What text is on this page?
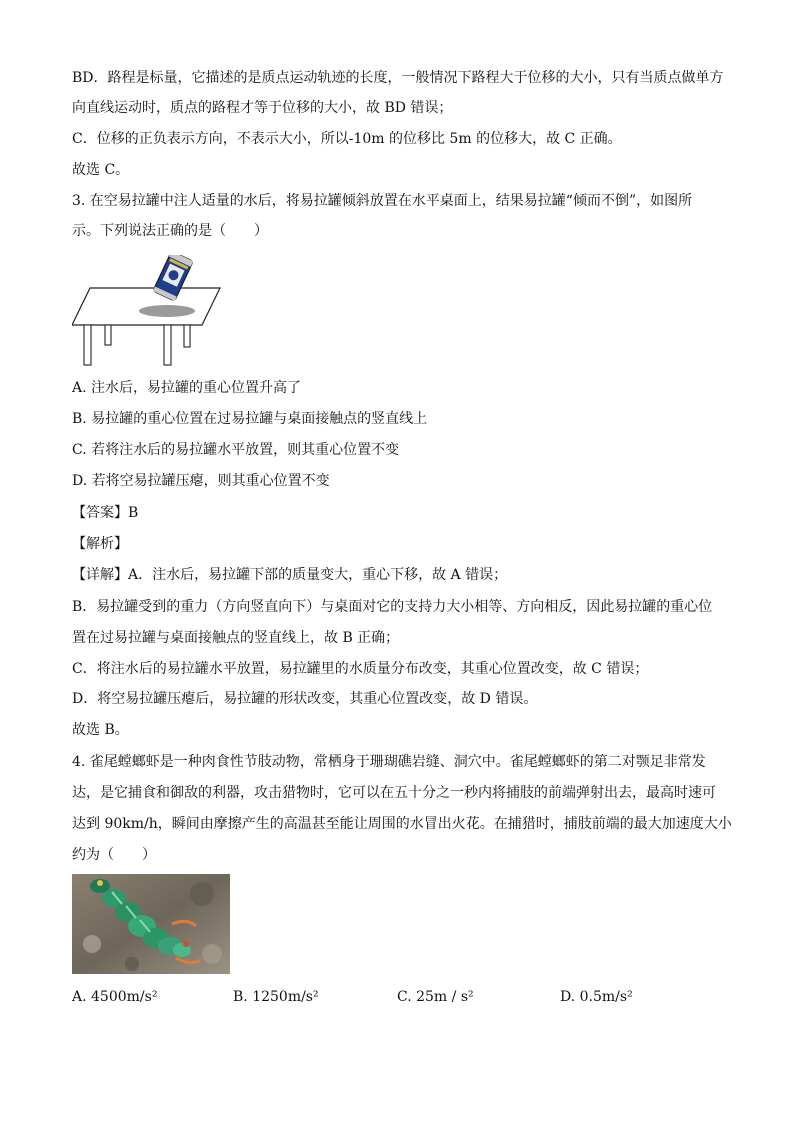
BD．路程是标量，它描述的是质点运动轨迹的长度，一般情况下路程大于位移的大小，只有当质点做单方
向直线运动时，质点的路程才等于位移的大小，故 BD 错误；
C．位移的正负表示方向，不表示大小，所以-10m 的位移比 5m 的位移大，故 C 正确。
故选 C。
3. 在空易拉罐中注人适量的水后，将易拉罐倾斜放置在水平桌面上，结果易拉罐“倾而不倒”，如图所
示。下列说法正确的是（　　）
A. 注水后，易拉罐的重心位置升高了
B. 易拉罐的重心位置在过易拉罐与桌面接触点的竖直线上
C. 若将注水后的易拉罐水平放置，则其重心位置不变
D. 若将空易拉罐压瘪，则其重心位置不变
【答案】B
【解析】
【详解】A．注水后，易拉罐下部的质量变大，重心下移，故 A 错误；
B．易拉罐受到的重力（方向竖直向下）与桌面对它的支持力大小相等、方向相反，因此易拉罐的重心位
置在过易拉罐与桌面接触点的竖直线上，故 B 正确；
C．将注水后的易拉罐水平放置，易拉罐里的水质量分布改变，其重心位置改变，故 C 错误；
D．将空易拉罐压瘪后，易拉罐的形状改变，其重心位置改变，故 D 错误。
故选 B。
4. 雀尾螳螂虾是一种肉食性节肢动物，常栖身于珊瑚礁岩缝、洞穴中。雀尾螳螂虾的第二对颚足非常发
达，是它捕食和御敌的利器，攻击猎物时，它可以在五十分之一秒内将捕肢的前端弹射出去，最高时速可
达到 90km/h，瞬间由摩擦产生的高温甚至能让周围的水冒出火花。在捕猎时，捕肢前端的最大加速度大小
约为（　　）
A. 4500m/s²	B. 1250m/s²	C. 25m / s²	D. 0.5m/s²
